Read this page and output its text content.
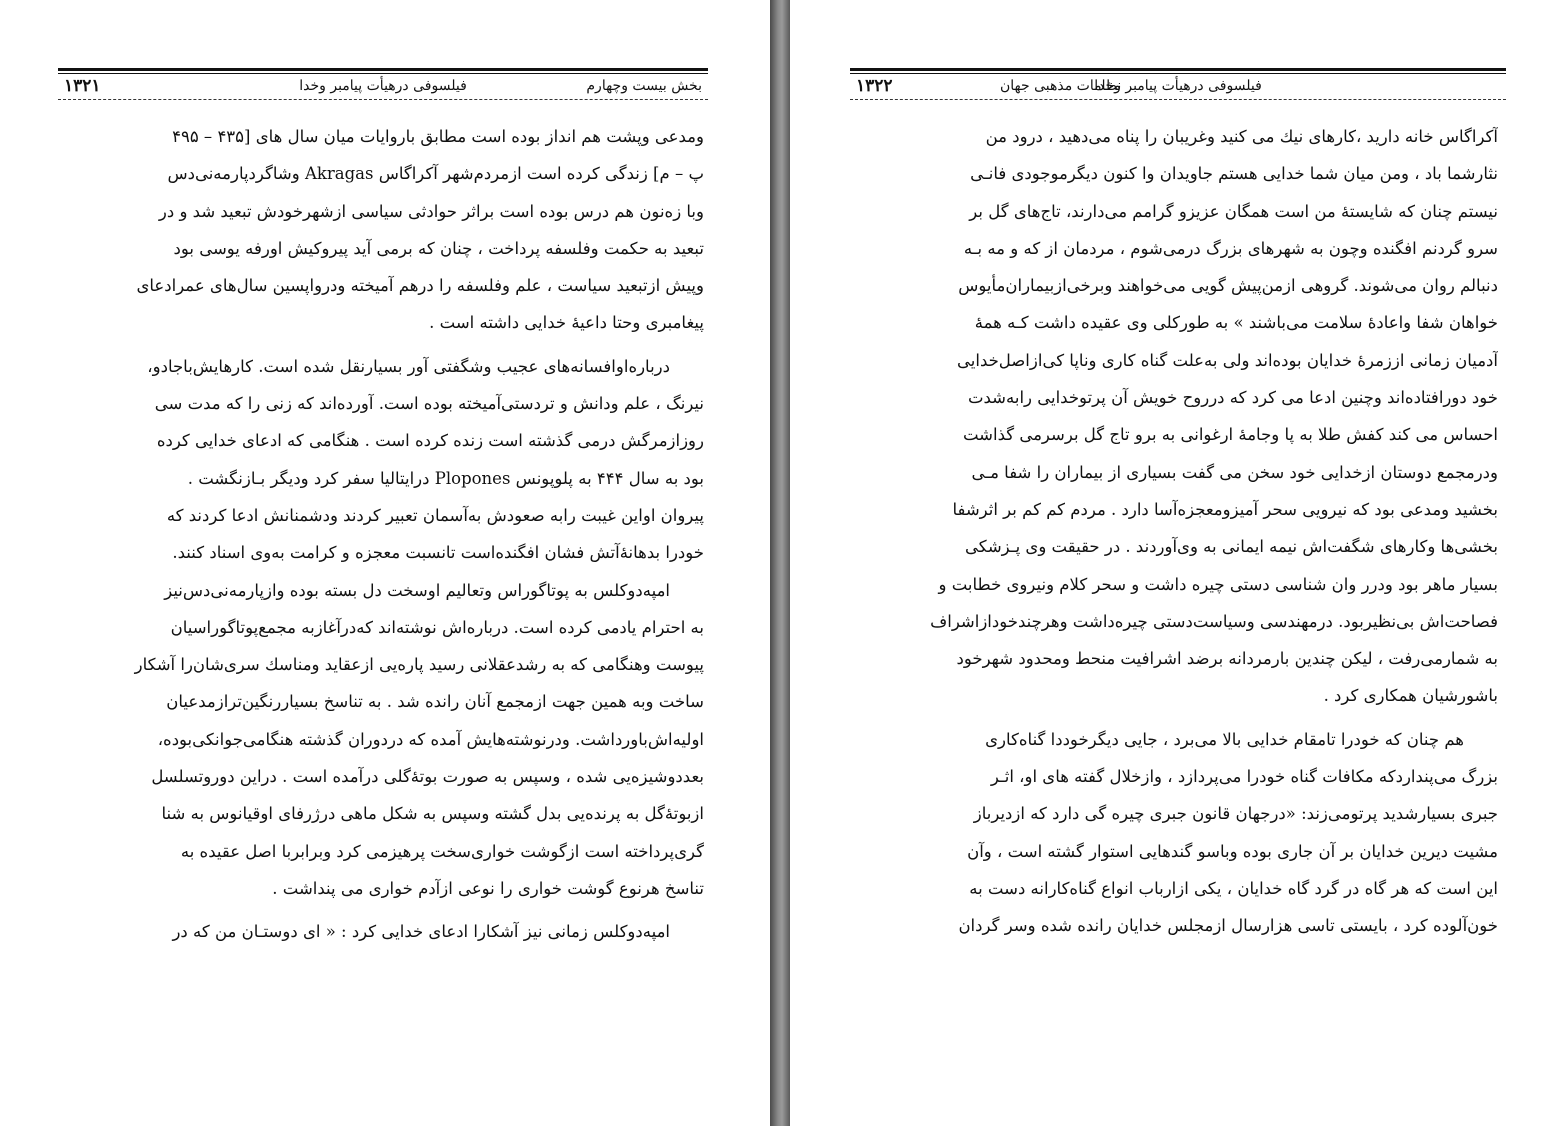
بخش بیست وچهارم
فیلسوفی درهیأت پیامبر وخدا
۱۳۲۱
ومدعی وپشت هم انداز بوده است مطابق باروایات میان سال های [۴۳۵ – ۴۹۵
پ – م] زندگی کرده است ازمردم‌شهر آکراگاس Akragas وشاگردپارمه‌نی‌دس
وبا زه‌نون هم درس بوده است براثر حوادثی سیاسی ازشهرخودش تبعید شد و در
تبعید به حکمت وفلسفه پرداخت ، چنان که برمی آید پیروکیش اورفه یوسی بود
وپیش ازتبعید سیاست ، علم وفلسفه را درهم آمیخته ودرواپسین سال‌های عمرادعای
پیغامبری وحتا داعیهٔ خدایی داشته است .
درباره‌اوافسانه‌های عجیب وشگفتی آور بسیارنقل شده است. کارهایش‌باجادو،
نیرنگ ، علم ودانش و تردستی‌آمیخته بوده است. آورده‌اند که زنی را که مدت سی
روزازمرگش درمی گذشته است زنده کرده است . هنگامی که ادعای خدایی کرده
بود به سال ۴۴۴ به پلوپونس Plopones درایتالیا سفر کرد ودیگر بـازنگشت .
پیروان اواین غیبت رابه صعودش به‌آسمان تعبیر کردند ودشمنانش ادعا کردند که
خودرا بدهانهٔ‌آتش فشان افگنده‌است تانسبت معجزه و کرامت به‌وی اسناد کنند.
امپه‌دوکلس به پوتاگوراس وتعالیم اوسخت دل بسته بوده وازپارمه‌نی‌دس‌نیز
به احترام یادمی کرده است. درباره‌اش نوشته‌اند که‌درآغازبه مجمع‌پوتاگوراسیان
پیوست وهنگامی که به رشدعقلانی رسید پاره‌یی ازعقاید ومناسك سری‌شان‌را آشکار
ساخت وبه همین جهت ازمجمع آنان رانده شد . به تناسخ بسیاررنگین‌ترازمدعیان
اولیه‌اش‌باورداشت. ودرنوشته‌هایش آمده که دردوران گذشته هنگامی‌جوانکی‌بوده،
بعددوشیزه‌یی شده ، وسپس به صورت بوتهٔ‌گلی درآمده است . دراین دوروتسلسل
ازبوتهٔ‌گل به پرنده‌یی بدل گشته وسپس به شکل ماهی درژرفای اوقیانوس به شنا
گری‌پرداخته است ازگوشت خواری‌سخت پرهیزمی کرد وبرابربا اصل عقیده به
تناسخ هرنوع گوشت خواری را نوعی ازآدم خواری می پنداشت .
امپه‌دوکلس زمانی نیز آشکارا ادعای خدایی کرد : « ای دوستـان من که در
۱۳۲۲	فیلسوفی درهیأت پیامبر وخدا
نظامات مذهبی جهان
آکراگاس خانه دارید ،کارهای نیك می کنید وغریبان را پناه می‌دهید ، درود من
نثارشما باد ، ومن میان شما خدایی هستم جاویدان وا کنون دیگرموجودی فانـی
نیستم چنان که شایستهٔ من است همگان عزیزو گرامم می‌دارند، تاج‌های گل بر
سرو گردنم افگنده وچون به شهرهای بزرگ درمی‌شوم ، مردمان از که و مه بـه
دنبالم روان می‌شوند. گروهی ازمن‌پیش گویی می‌خواهند وبرخی‌ازبیماران‌مأیوس
خواهان شفا واعادهٔ سلامت می‌باشند » به طورکلی وی عقیده داشت کـه همهٔ
آدمیان زمانی اززمرهٔ خدایان بوده‌اند ولی به‌علت گناه کاری وناپا کی‌ازاصل‌خدایی
خود دورافتاده‌اند وچنین ادعا می کرد که درروح خویش آن پرتوخدایی رابه‌شدت
احساس می کند کفش طلا به پا وجامهٔ ارغوانی به برو تاج گل برسرمی گذاشت
ودرمجمع دوستان ازخدایی خود سخن می گفت بسیاری از بیماران را شفا مـی
بخشید ومدعی بود که نیرویی سحر آمیزومعجزه‌آسا دارد . مردم کم کم بر اثرشفا
بخشی‌ها وکارهای شگفت‌اش نیمه ایمانی به وی‌آوردند . در حقیقت وی پـزشکی
بسیار ماهر بود ودرر وان شناسی دستی چیره داشت و سحر کلام ونیروی خطابت و
فصاحت‌اش بی‌نظیربود. درمهندسی وسیاست‌دستی چیره‌داشت وهرچندخودازاشراف
به شمارمی‌رفت ، لیکن چندین بارمردانه برضد اشرافیت منحط ومحدود شهرخود
باشورشیان همکاری کرد .
هم چنان که خودرا تامقام خدایی بالا می‌برد ، جایی دیگرخوددا گناه‌کاری
بزرگ می‌پنداردکه مکافات گناه خودرا می‌پردازد ، وازخلال گفته های او، اثـر
جبری بسیارشدید پرتومی‌زند: «درجهان قانون جبری چیره گی دارد که ازدیرباز
مشیت دیرین خدایان بر آن جاری بوده وباسو گندهایی استوار گشته است ، وآن
این است که هر گاه در گرد گاه خدایان ، یکی ازارباب انواع گناه‌کارانه دست به
خون‌آلوده کرد ، بایستی تاسی هزارسال ازمجلس خدایان رانده شده وسر گردان
